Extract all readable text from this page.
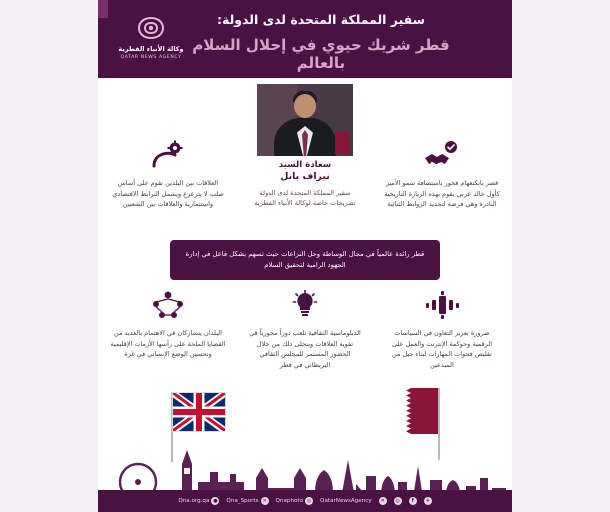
وكالة الأنباء القطرية
QATAR NEWS AGENCY
سفير المملكة المتحدة لدى الدولة:
قطر شريك حيوي في إحلال السلام بالعالم
سعادة السيد
نيراف بانل
سفير المملكة المتحدة لدى الدولة
تصريحات خاصة لوكالة الأنباء القطرية
قصر بانكنغهام فخور باستضافة سمو الأمير كأول خالد عربي يقوم بهذه الزيارة التاريخية النادرة وهي فرصة لتجديد الروابط الثنائية
العلاقات بين البلدين تقوم على أساس صلب لا يتزعزع ويشمل الترابط الاقتصادي واستثمارية والعلاقات بين الشعبين
قطر رائدة عالمياً في مجال الوساطة وحل النزاعات حيث تسهم بشكل فاعل في إدارة الجهود الرامية لتحقيق السلام
ضرورة تعزيز التعاون في السياسات الرقمية وحوكمة الإنترنت والعمل على تقليص فجوات المهارات لبناء جيل من المبدعين
الدبلوماسية الثقافية تلعب دوراً محورياً في تقوية العلاقات ويتجلى ذلك من خلال الحضور المستمر للمجلس الثقافي البريطاني في قطر
البلدان يتشاركان في الاهتمام بالعديد من القضايا الملحة على رأسها الأزمات الإقليمية وتحسين الوضع الإنساني في غزة
✈
f
◎
✕
QatarNewsAgency
◎
Qnaphoto
✕
Qna_Sports
●
Qna.org.qa
